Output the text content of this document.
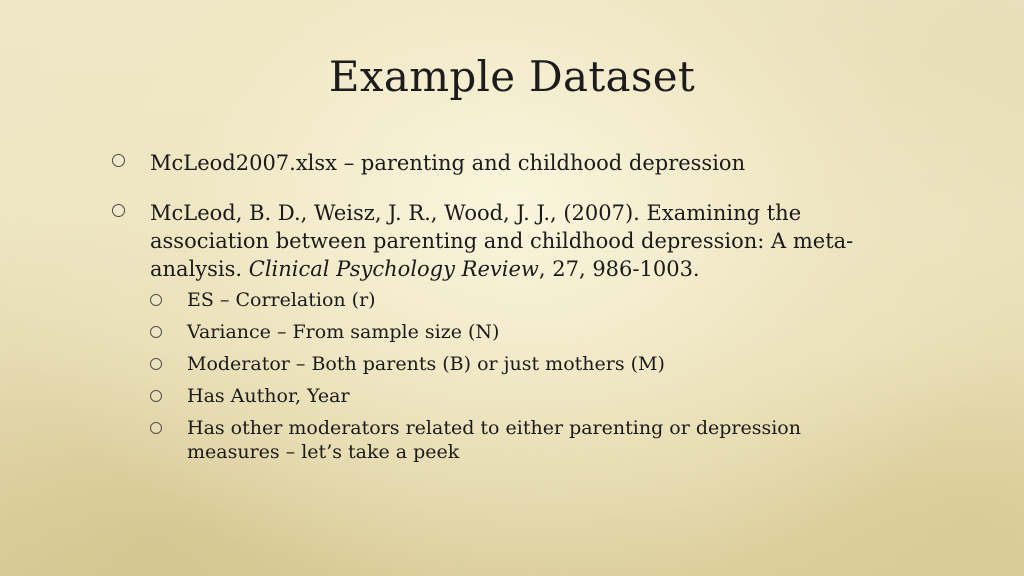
Example Dataset
McLeod2007.xlsx – parenting and childhood depression
McLeod, B. D., Weisz, J. R., Wood, J. J., (2007). Examining the association between parenting and childhood depression: A meta-analysis. Clinical Psychology Review, 27, 986-1003.
ES – Correlation (r)
Variance – From sample size (N)
Moderator – Both parents (B) or just mothers (M)
Has Author, Year
Has other moderators related to either parenting or depression measures – let’s take a peek
